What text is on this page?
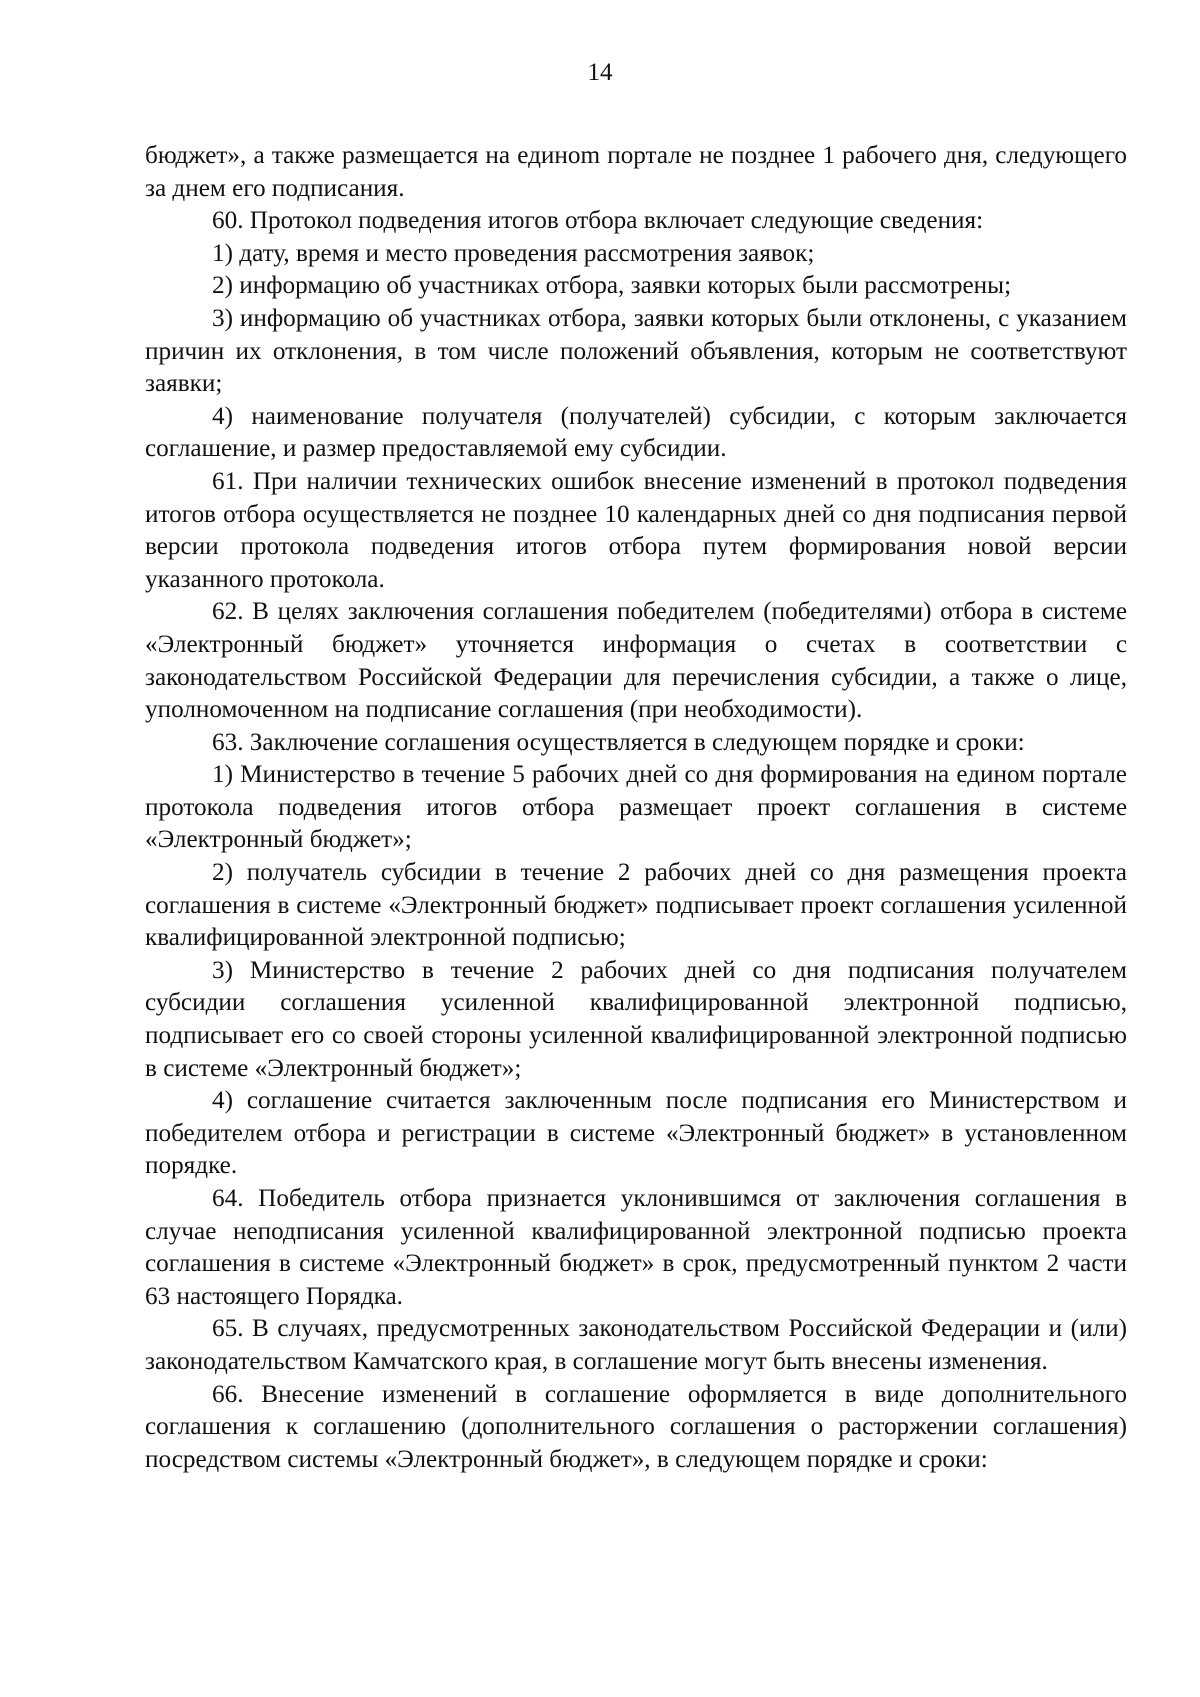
14

бюджет», а также размещается на единоm портале не позднее 1 рабочего дня, следующего за днем его подписания.

60. Протокол подведения итогов отбора включает следующие сведения:

1) дату, время и место проведения рассмотрения заявок;

2) информацию об участниках отбора, заявки которых были рассмотрены;

3) информацию об участниках отбора, заявки которых были отклонены, с указанием причин их отклонения, в том числе положений объявления, которым не соответствуют заявки;

4) наименование получателя (получателей) субсидии, с которым заключается соглашение, и размер предоставляемой ему субсидии.

61. При наличии технических ошибок внесение изменений в протокол подведения итогов отбора осуществляется не позднее 10 календарных дней со дня подписания первой версии протокола подведения итогов отбора путем формирования новой версии указанного протокола.

62. В целях заключения соглашения победителем (победителями) отбора в системе «Электронный бюджет» уточняется информация о счетах в соответствии с законодательством Российской Федерации для перечисления субсидии, а также о лице, уполномоченном на подписание соглашения (при необходимости).

63. Заключение соглашения осуществляется в следующем порядке и сроки:

1) Министерство в течение 5 рабочих дней со дня формирования на едином портале протокола подведения итогов отбора размещает проект соглашения в системе «Электронный бюджет»;

2) получатель субсидии в течение 2 рабочих дней со дня размещения проекта соглашения в системе «Электронный бюджет» подписывает проект соглашения усиленной квалифицированной электронной подписью;

3) Министерство в течение 2 рабочих дней со дня подписания получателем субсидии соглашения усиленной квалифицированной электронной подписью, подписывает его со своей стороны усиленной квалифицированной электронной подписью в системе «Электронный бюджет»;

4) соглашение считается заключенным после подписания его Министерством и победителем отбора и регистрации в системе «Электронный бюджет» в установленном порядке.

64. Победитель отбора признается уклонившимся от заключения соглашения в случае неподписания усиленной квалифицированной электронной подписью проекта соглашения в системе «Электронный бюджет» в срок, предусмотренный пунктом 2 части 63 настоящего Порядка.

65. В случаях, предусмотренных законодательством Российской Федерации и (или) законодательством Камчатского края, в соглашение могут быть внесены изменения.

66. Внесение изменений в соглашение оформляется в виде дополнительного соглашения к соглашению (дополнительного соглашения о расторжении соглашения) посредством системы «Электронный бюджет», в следующем порядке и сроки:
